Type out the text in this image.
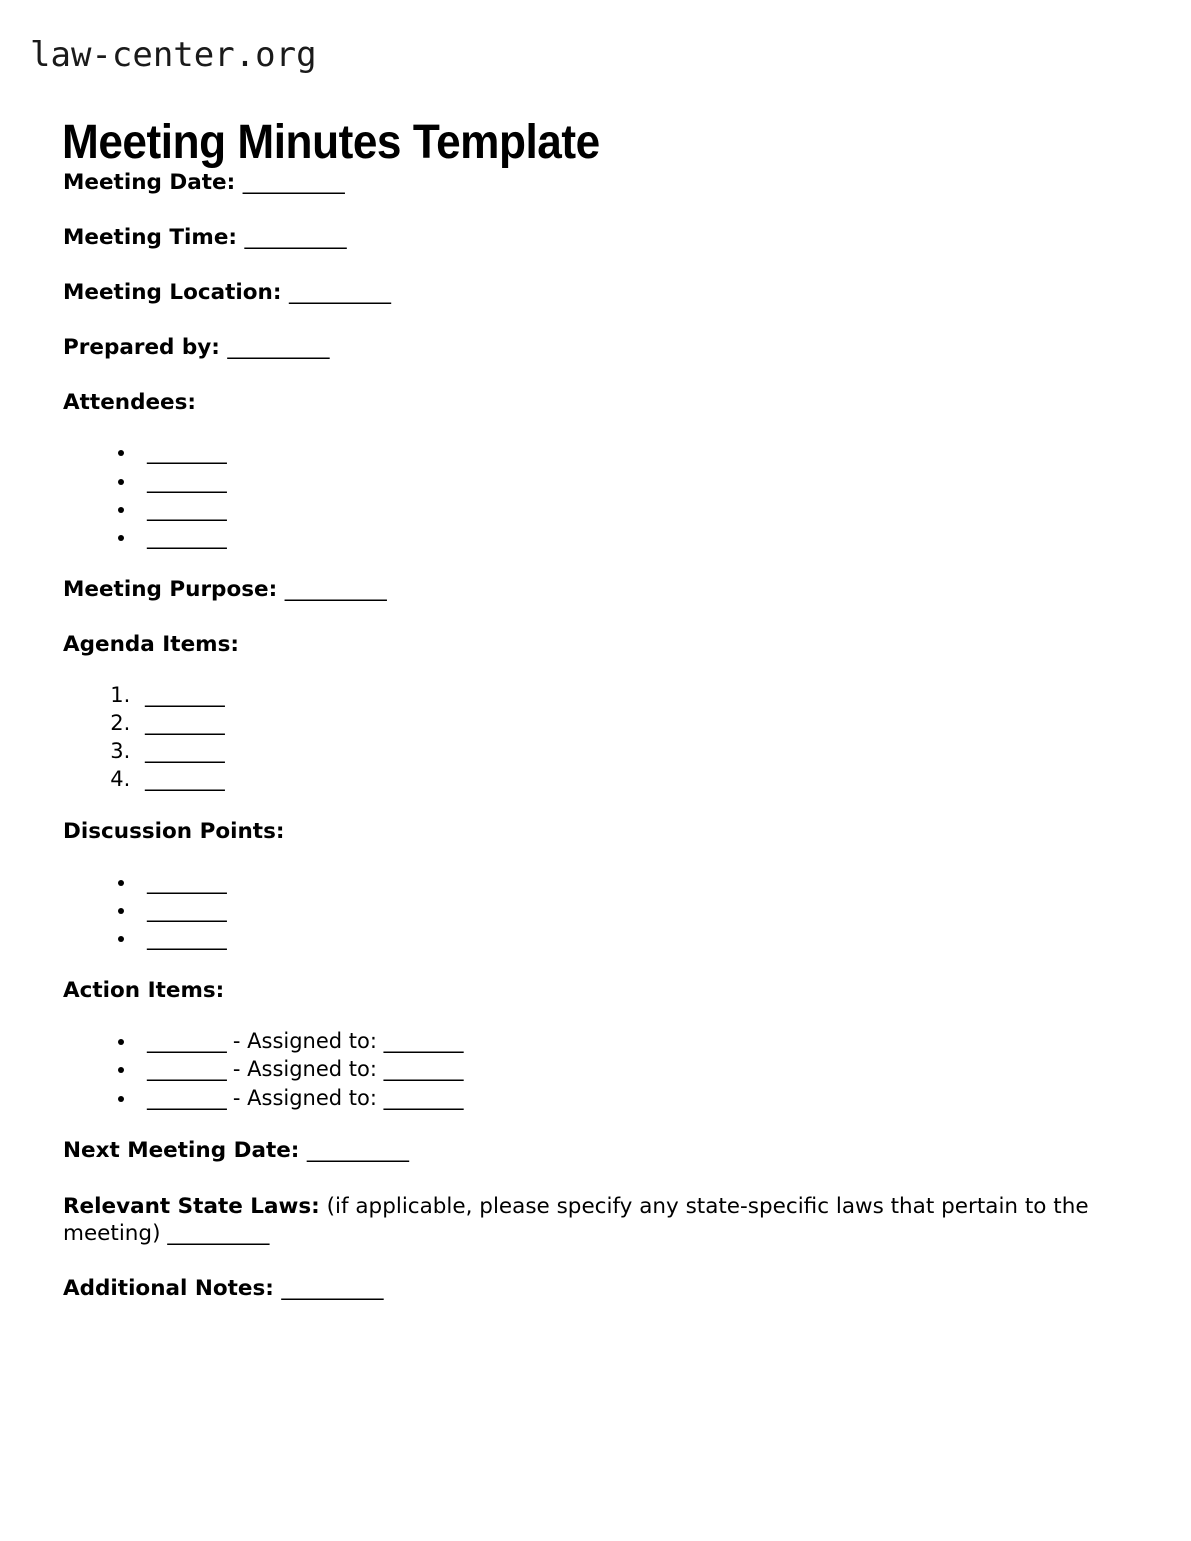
law-center.org
Meeting Minutes Template
Meeting Date: __________
Meeting Time: __________
Meeting Location: __________
Prepared by: __________
Attendees:
• ________
• ________
• ________
• ________
Meeting Purpose: __________
Agenda Items:
1. ________
2. ________
3. ________
4. ________
Discussion Points:
• ________
• ________
• ________
Action Items:
• ________ - Assigned to: ________
• ________ - Assigned to: ________
• ________ - Assigned to: ________
Next Meeting Date: __________
Relevant State Laws: (if applicable, please specify any state-specific laws that pertain to the meeting) __________
Additional Notes: __________
